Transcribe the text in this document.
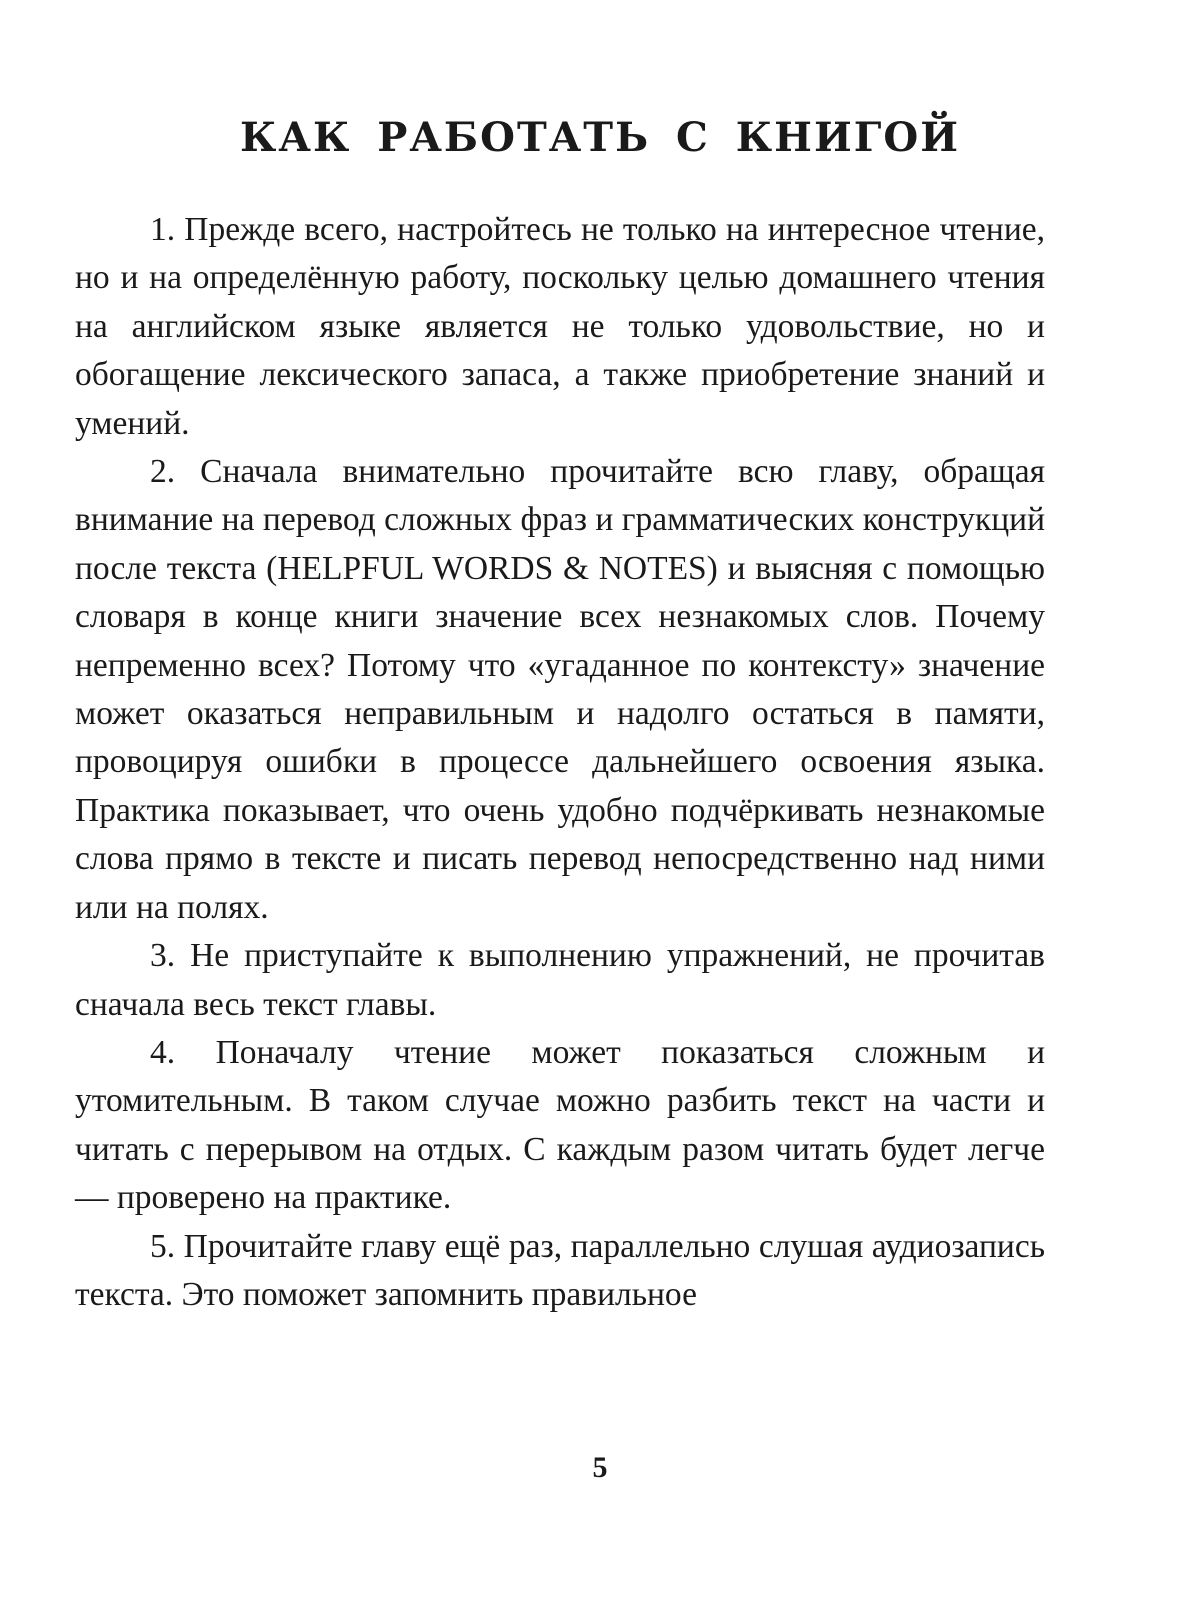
КАК РАБОТАТЬ С КНИГОЙ

1. Прежде всего, настройтесь не только на интересное чтение, но и на определённую работу, поскольку целью домашнего чтения на английском языке является не только удовольствие, но и обогащение лексического запаса, а также приобретение знаний и умений.

2. Сначала внимательно прочитайте всю главу, обращая внимание на перевод сложных фраз и грамматических конструкций после текста (HELPFUL WORDS & NOTES) и выясняя с помощью словаря в конце книги значение всех незнакомых слов. Почему непременно всех? Потому что «угаданное по контексту» значение может оказаться неправильным и надолго остаться в памяти, провоцируя ошибки в процессе дальнейшего освоения языка. Практика показывает, что очень удобно подчёркивать незнакомые слова прямо в тексте и писать перевод непосредственно над ними или на полях.

3. Не приступайте к выполнению упражнений, не прочитав сначала весь текст главы.

4. Поначалу чтение может показаться сложным и утомительным. В таком случае можно разбить текст на части и читать с перерывом на отдых. С каждым разом читать будет легче — проверено на практике.

5. Прочитайте главу ещё раз, параллельно слушая аудиозапись текста. Это поможет запомнить правильное

5
